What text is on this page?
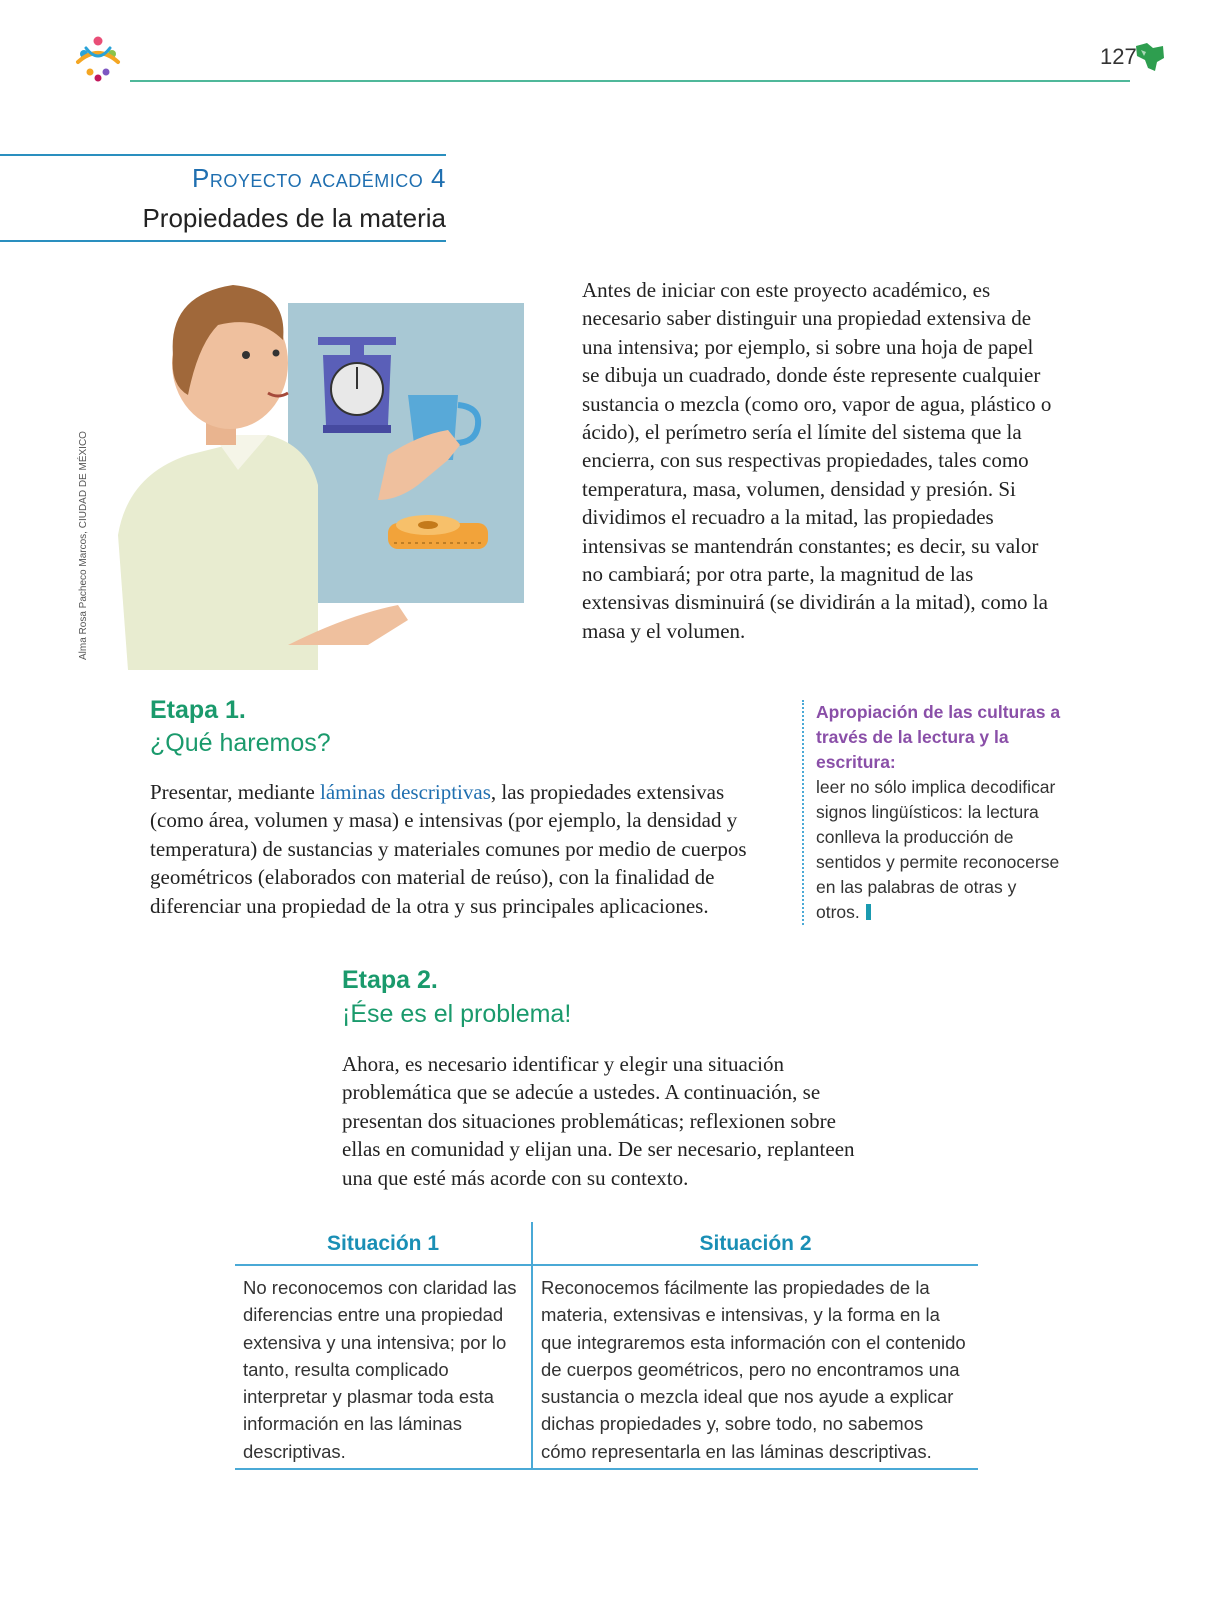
127
Proyecto académico 4
Propiedades de la materia
Alma Rosa Pacheco Marcos, CIUDAD DE MÉXICO
Antes de iniciar con este proyecto académico, es necesario saber distinguir una propiedad extensiva de una intensiva; por ejemplo, si sobre una hoja de papel se dibuja un cuadrado, donde éste represente cualquier sustancia o mezcla (como oro, vapor de agua, plástico o ácido), el perímetro sería el límite del sistema que la encierra, con sus respectivas propiedades, tales como temperatura, masa, volumen, densidad y presión. Si dividimos el recuadro a la mitad, las propiedades intensivas se mantendrán constantes; es decir, su valor no cambiará; por otra parte, la magnitud de las extensivas disminuirá (se dividirán a la mitad), como la masa y el volumen.
Etapa 1.
¿Qué haremos?
Presentar, mediante láminas descriptivas, las propiedades extensivas (como área, volumen y masa) e intensivas (por ejemplo, la densidad y temperatura) de sustancias y materiales comunes por medio de cuerpos geométricos (elaborados con material de reúso), con la finalidad de diferenciar una propiedad de la otra y sus principales aplicaciones.
Apropiación de las culturas a través de la lectura y la escritura:
leer no sólo implica decodificar signos lingüísticos: la lectura conlleva la producción de sentidos y permite reconocerse en las palabras de otras y otros.
Etapa 2.
¡Ése es el problema!
Ahora, es necesario identificar y elegir una situación problemática que se adecúe a ustedes. A continuación, se presentan dos situaciones problemáticas; reflexionen sobre ellas en comunidad y elijan una. De ser necesario, replanteen una que esté más acorde con su contexto.
Situación 1	Situación 2
No reconocemos con claridad las diferencias entre una propiedad extensiva y una intensiva; por lo tanto, resulta complicado interpretar y plasmar toda esta información en las láminas descriptivas.
Reconocemos fácilmente las propiedades de la materia, extensivas e intensivas, y la forma en la que integraremos esta información con el contenido de cuerpos geométricos, pero no encontramos una sustancia o mezcla ideal que nos ayude a explicar dichas propiedades y, sobre todo, no sabemos cómo representarla en las láminas descriptivas.
